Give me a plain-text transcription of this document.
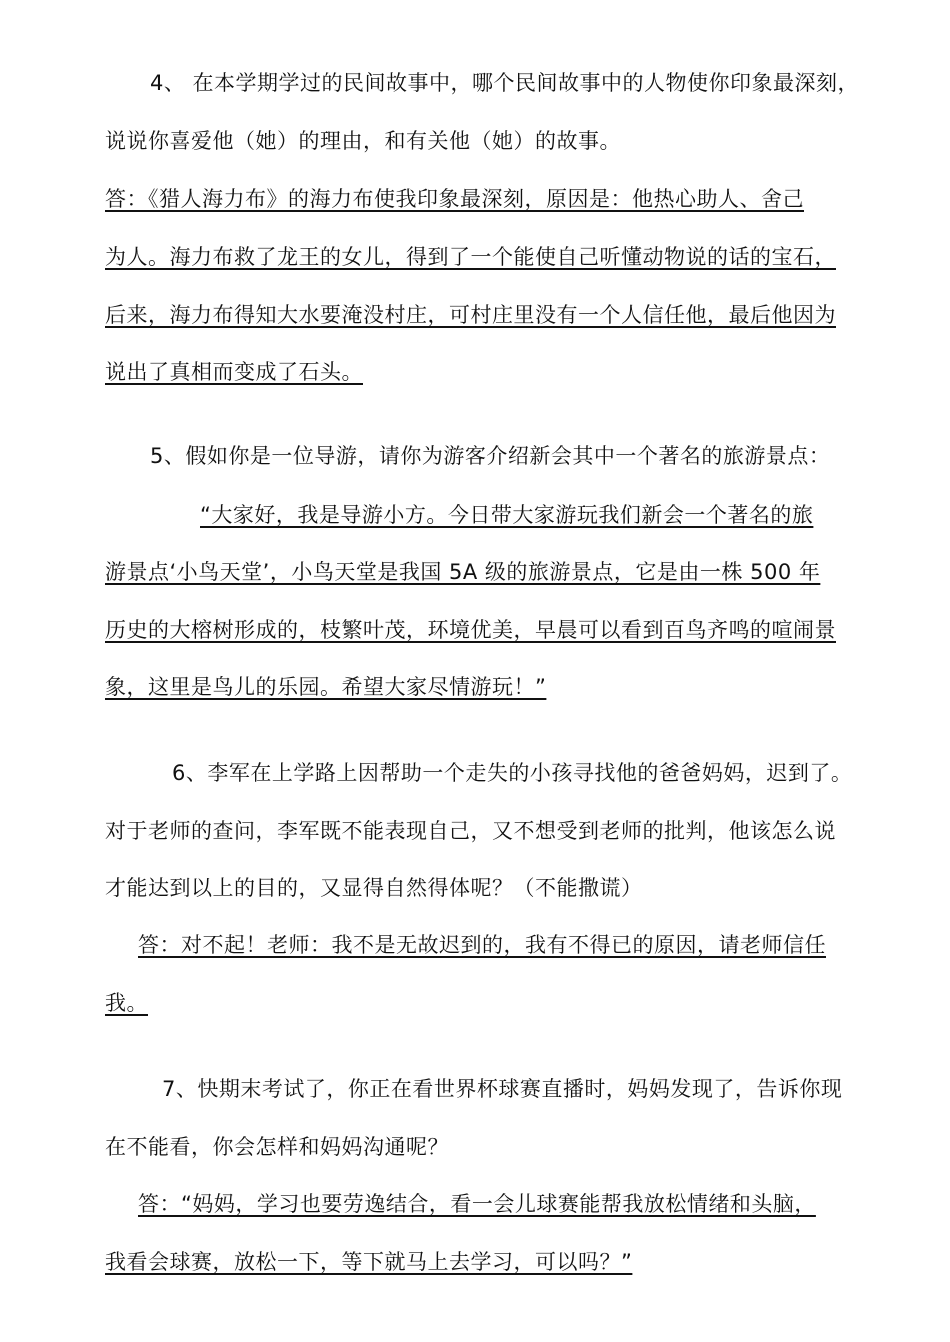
4、 在本学期学过的民间故事中，哪个民间故事中的人物使你印象最深刻，
说说你喜爱他（她）的理由，和有关他（她）的故事。
答：《猎人海力布》的海力布使我印象最深刻，原因是：他热心助人、舍己
为人。海力布救了龙王的女儿，得到了一个能使自己听懂动物说的话的宝石，
后来，海力布得知大水要淹没村庄，可村庄里没有一个人信任他，最后他因为
说出了真相而变成了石头。
5、假如你是一位导游，请你为游客介绍新会其中一个著名的旅游景点：
“大家好，我是导游小方。今日带大家游玩我们新会一个著名的旅
游景点‘小鸟天堂’，小鸟天堂是我国 5A 级的旅游景点，它是由一株 500 年
历史的大榕树形成的，枝繁叶茂，环境优美，早晨可以看到百鸟齐鸣的喧闹景
象，这里是鸟儿的乐园。希望大家尽情游玩！”
6、李军在上学路上因帮助一个走失的小孩寻找他的爸爸妈妈，迟到了。
对于老师的查问，李军既不能表现自己，又不想受到老师的批判，他该怎么说
才能达到以上的目的，又显得自然得体呢？（不能撒谎）
答：对不起！老师：我不是无故迟到的，我有不得已的原因，请老师信任
我。
7、快期末考试了，你正在看世界杯球赛直播时，妈妈发现了，告诉你现
在不能看，你会怎样和妈妈沟通呢？
答：“妈妈，学习也要劳逸结合，看一会儿球赛能帮我放松情绪和头脑，
我看会球赛，放松一下，等下就马上去学习，可以吗？”
